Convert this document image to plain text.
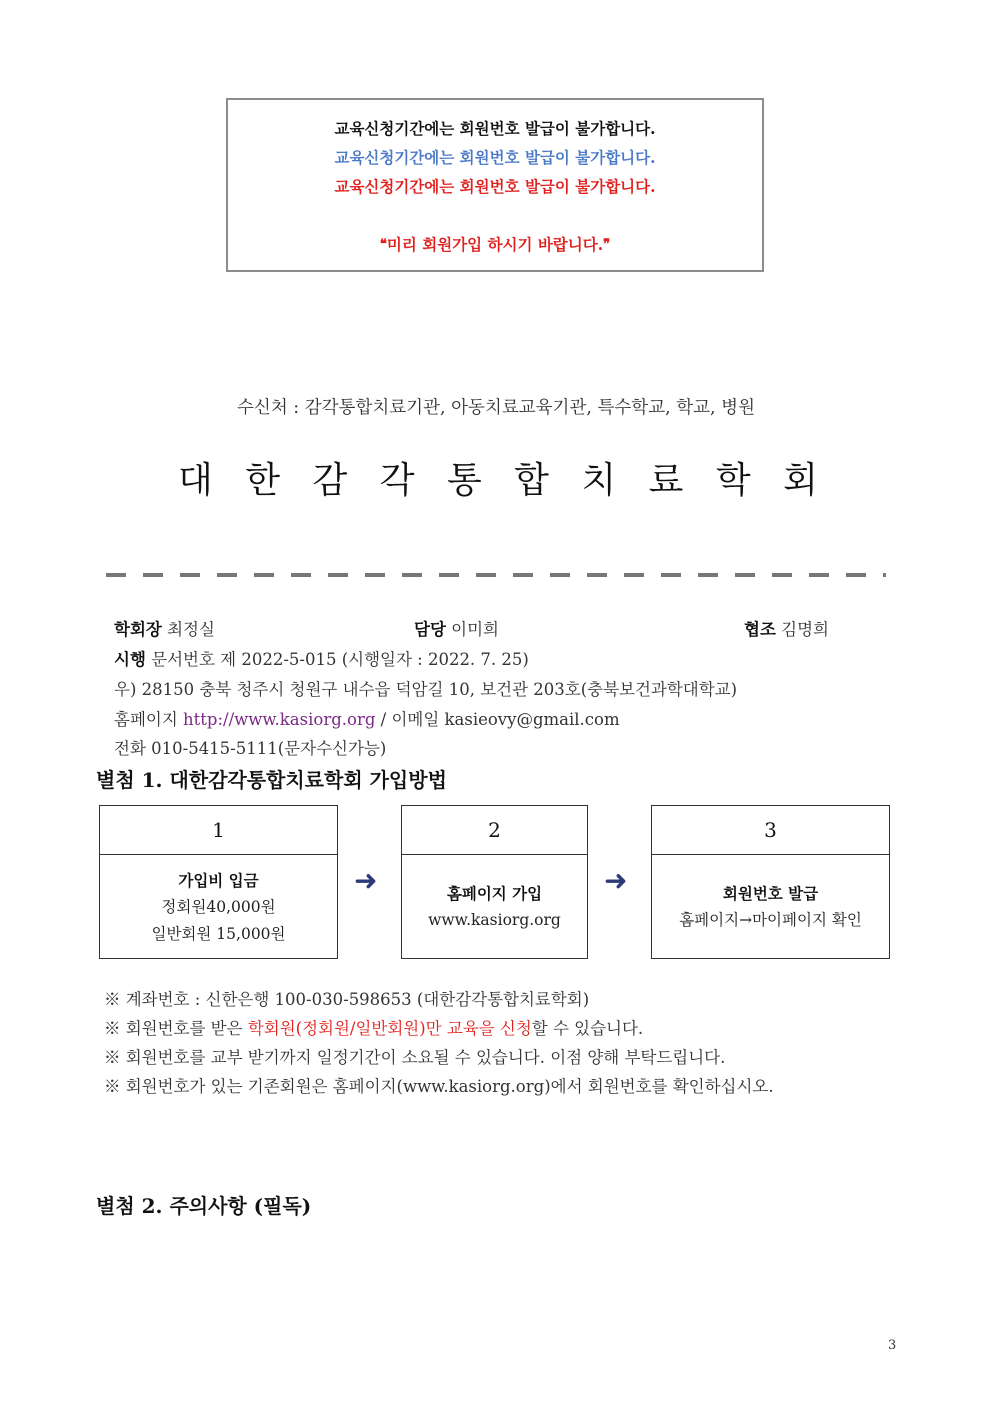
교육신청기간에는 회원번호 발급이 불가합니다.
교육신청기간에는 회원번호 발급이 불가합니다.
교육신청기간에는 회원번호 발급이 불가합니다.
❝미리 회원가입 하시기 바랍니다.❞
수신처 : 감각통합치료기관, 아동치료교육기관, 특수학교, 학교, 병원
대 한 감 각 통 합 치 료 학 회
학회장 최정실	담당 이미희	협조 김명희
시행 문서번호 제 2022-5-015 (시행일자 : 2022. 7. 25)
우) 28150 충북 청주시 청원구 내수읍 덕암길 10, 보건관 203호(충북보건과학대학교)
홈페이지 http://www.kasiorg.org / 이메일 kasieovy@gmail.com
전화 010-5415-5111(문자수신가능)
별첨 1. 대한감각통합치료학회 가입방법
1
가입비 입금
정회원40,000원
일반회원 15,000원
➜
2
홈페이지 가입
www.kasiorg.org
➜
3
회원번호 발급
홈페이지→마이페이지 확인
※ 계좌번호 : 신한은행 100-030-598653 (대한감각통합치료학회)
※ 회원번호를 받은 학회원(정회원/일반회원)만 교육을 신청할 수 있습니다.
※ 회원번호를 교부 받기까지 일정기간이 소요될 수 있습니다. 이점 양해 부탁드립니다.
※ 회원번호가 있는 기존회원은 홈페이지(www.kasiorg.org)에서 회원번호를 확인하십시오.
별첨 2. 주의사항 (필독)
3
